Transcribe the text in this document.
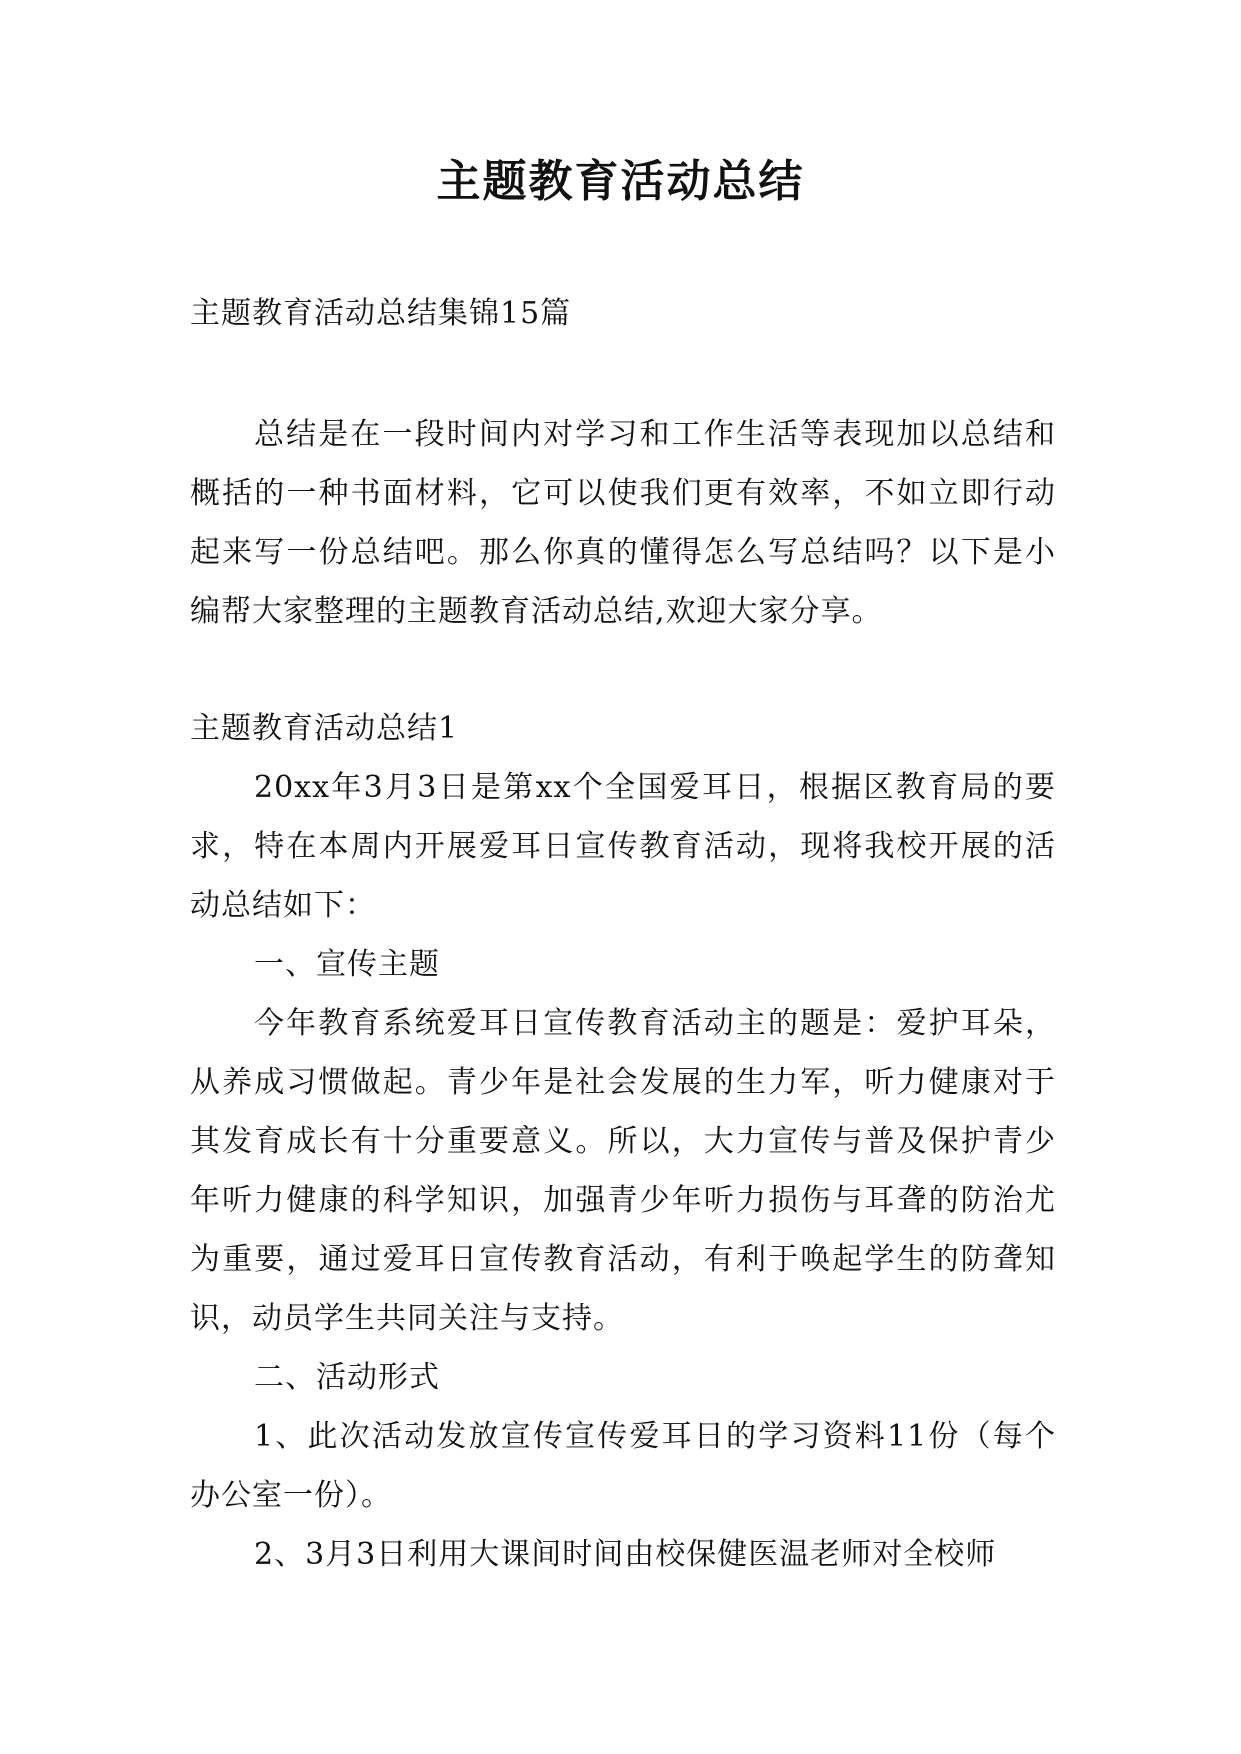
主题教育活动总结

主题教育活动总结集锦15篇

总结是在一段时间内对学习和工作生活等表现加以总结和概括的一种书面材料，它可以使我们更有效率，不如立即行动起来写一份总结吧。那么你真的懂得怎么写总结吗？以下是小编帮大家整理的主题教育活动总结,欢迎大家分享。

主题教育活动总结1

20xx年3月3日是第xx个全国爱耳日，根据区教育局的要求，特在本周内开展爱耳日宣传教育活动，现将我校开展的活动总结如下：

一、宣传主题

今年教育系统爱耳日宣传教育活动主的题是：爱护耳朵，从养成习惯做起。青少年是社会发展的生力军，听力健康对于其发育成长有十分重要意义。所以，大力宣传与普及保护青少年听力健康的科学知识，加强青少年听力损伤与耳聋的防治尤为重要，通过爱耳日宣传教育活动，有利于唤起学生的防聋知识，动员学生共同关注与支持。

二、活动形式

1、此次活动发放宣传宣传爱耳日的学习资料11份（每个办公室一份）。

2、3月3日利用大课间时间由校保健医温老师对全校师
